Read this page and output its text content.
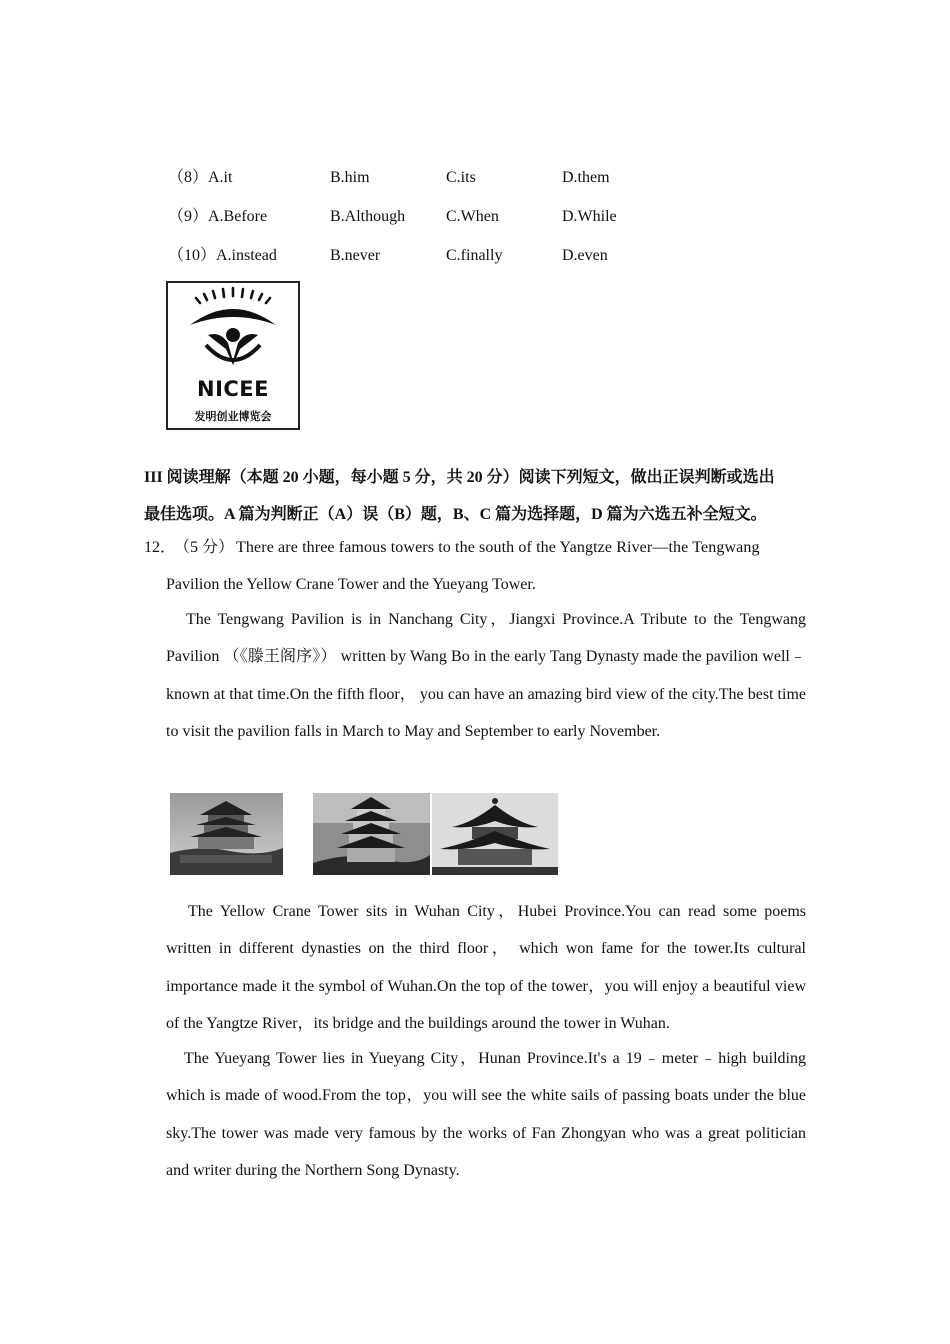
（8）A.it	B.him	C.its	D.them
（9）A.Before	B.Although	C.When	D.While
（10）A.instead	B.never	C.finally	D.even
NICEE
发明创业博览会
III 阅读理解（本题 20 小题，每小题 5 分，共 20 分）阅读下列短文，做出正误判断或选出
最佳选项。A 篇为判断正（A）误（B）题，B、C 篇为选择题，D 篇为六选五补全短文。
12． （5 分） There are three famous towers to the south of the Yangtze River—the Tengwang
Pavilion the Yellow Crane Tower and the Yueyang Tower.
The Tengwang Pavilion is in Nanchang City，Jiangxi Province.A Tribute to the Tengwang Pavilion （《滕王阁序》） written by Wang Bo in the early Tang Dynasty made the pavilion well﹣known at that time.On the fifth floor， you can have an amazing bird view of the city.The best time to visit the pavilion falls in March to May and September to early November.
The Yellow Crane Tower sits in Wuhan City，Hubei Province.You can read some poems written in different dynasties on the third floor， which won fame for the tower.Its cultural importance made it the symbol of Wuhan.On the top of the tower，you will enjoy a beautiful view of the Yangtze River，its bridge and the buildings around the tower in Wuhan.
The Yueyang Tower lies in Yueyang City，Hunan Province.It's a 19﹣meter﹣high building which is made of wood.From the top，you will see the white sails of passing boats under the blue sky.The tower was made very famous by the works of Fan Zhongyan who was a great politician and writer during the Northern Song Dynasty.
